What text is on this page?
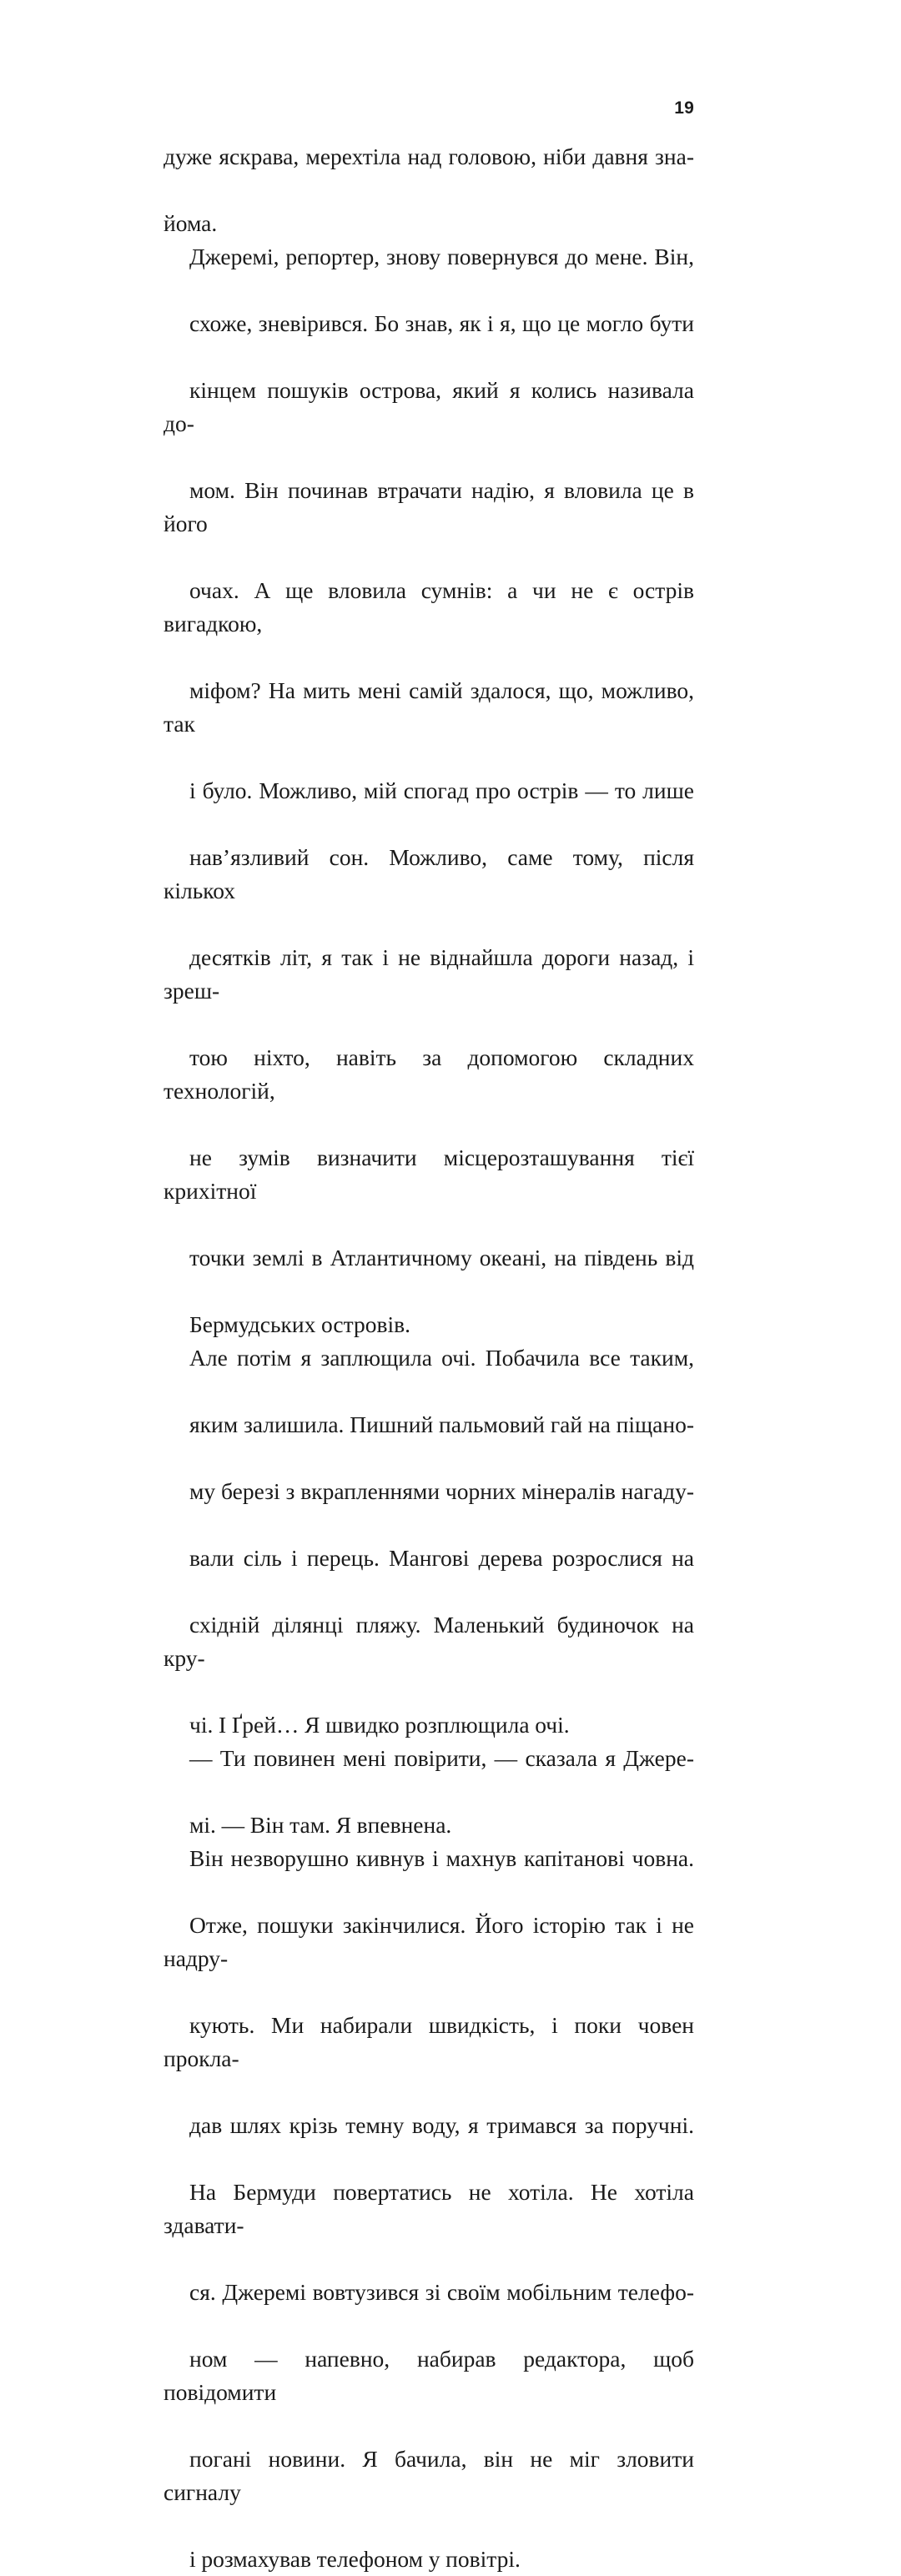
19

дуже яскрава, мерехтіла над головою, ніби давня зна-
йома.

Джеремі, репортер, знову повернувся до мене. Він,
схоже, зневірився. Бо знав, як і я, що це могло бути
кінцем пошуків острова, який я колись називала до-
мом. Він починав втрачати надію, я вловила це в його
очах. А ще вловила сумнів: а чи не є острів вигадкою,
міфом? На мить мені самій здалося, що, можливо, так
і було. Можливо, мій спогад про острів — то лише
нав’язливий сон. Можливо, саме тому, після кількох
десятків літ, я так і не віднайшла дороги назад, і зреш-
тою ніхто, навіть за допомогою складних технологій,
не зумів визначити місцерозташування тієї крихітної
точки землі в Атлантичному океані, на південь від
Бермудських островів.

Але потім я заплющила очі. Побачила все таким,
яким залишила. Пишний пальмовий гай на піщано-
му березі з вкрапленнями чорних мінералів нагаду-
вали сіль і перець. Мангові дерева розрослися на
східній ділянці пляжу. Маленький будиночок на кру-
чі. І Ґрей… Я швидко розплющила очі.

— Ти повинен мені повірити, — сказала я Джере-
мі. — Він там. Я впевнена.

Він незворушно кивнув і махнув капітанові човна.
Отже, пошуки закінчилися. Його історію так і не надру-
кують. Ми набирали швидкість, і поки човен прокла-
дав шлях крізь темну воду, я тримався за поручні.
На Бермуди повертатись не хотіла. Не хотіла здавати-
ся. Джеремі вовтузився зі своїм мобільним телефо-
ном — напевно, набирав редактора, щоб повідомити
погані новини. Я бачила, він не міг зловити сигналу
і розмахував телефоном у повітрі.
